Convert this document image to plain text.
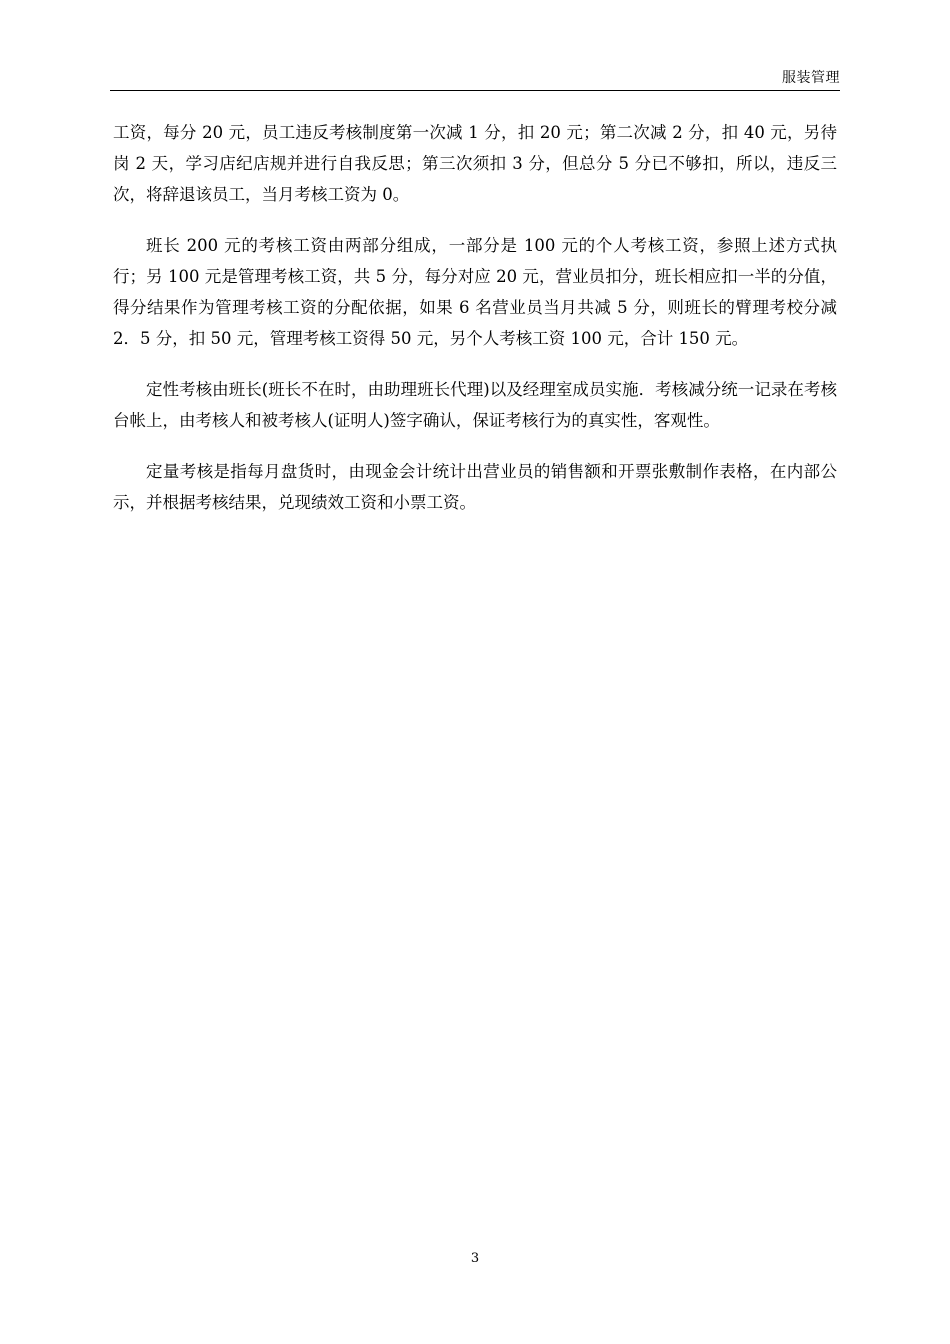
服装管理

工资，每分 20 元，员工违反考核制度第一次减 1 分，扣 20 元；第二次减 2 分，扣 40 元，另待岗 2 天，学习店纪店规并进行自我反思；第三次须扣 3 分，但总分 5 分已不够扣，所以，违反三次，将辞退该员工，当月考核工资为 0。

班长 200 元的考核工资由两部分组成，一部分是 100 元的个人考核工资，参照上述方式执行；另 100 元是管理考核工资，共 5 分，每分对应 20 元，营业员扣分，班长相应扣一半的分值，得分结果作为管理考核工资的分配依据，如果 6 名营业员当月共减 5 分，则班长的臂理考校分减 2．5 分，扣 50 元，管理考核工资得 50 元，另个人考核工资 100 元，合计 150 元。

定性考核由班长(班长不在时，由助理班长代理)以及经理室成员实施．考核减分统一记录在考核台帐上，由考核人和被考核人(证明人)签字确认，保证考核行为的真实性，客观性。

定量考核是指每月盘货时，由现金会计统计出营业员的销售额和开票张敷制作表格，在内部公示，并根据考核结果，兑现绩效工资和小票工资。

3
